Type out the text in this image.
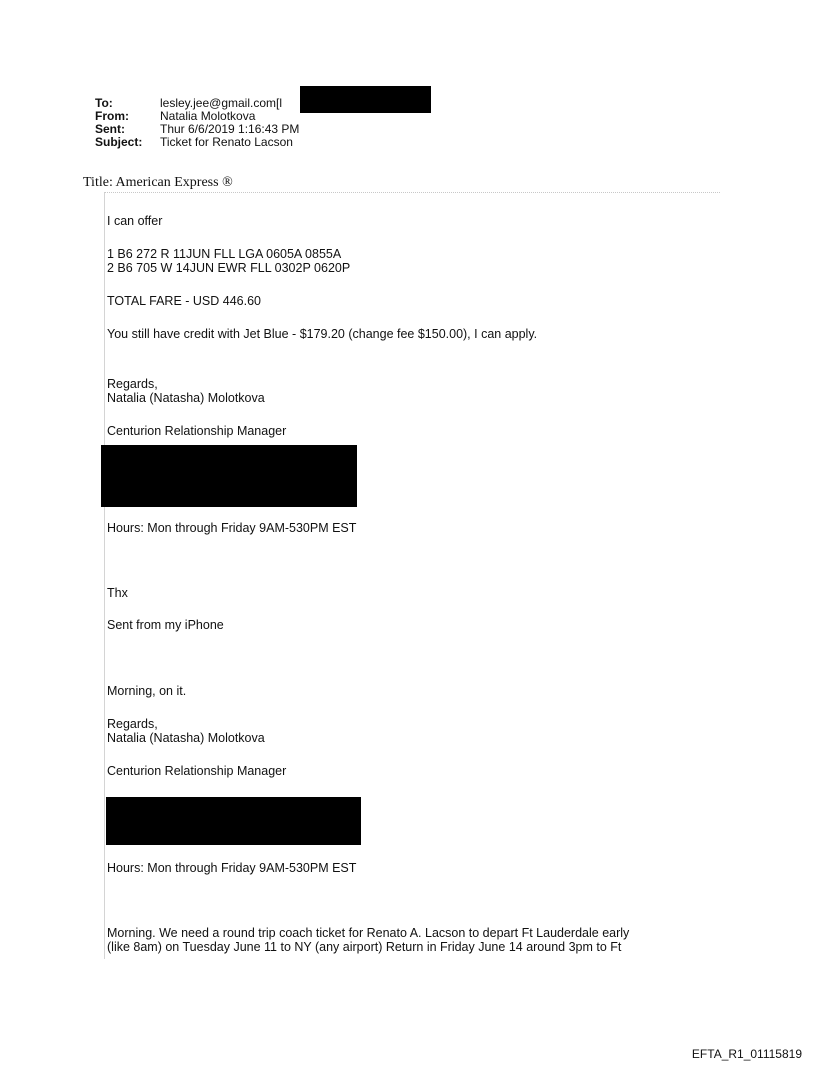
To:	lesley.jee@gmail.com[l
From:	Natalia Molotkova
Sent:	Thur 6/6/2019 1:16:43 PM
Subject:	Ticket for Renato Lacson
Title: American Express ®
I can offer
1 B6 272 R 11JUN FLL LGA 0605A 0855A
2 B6 705 W 14JUN EWR FLL 0302P 0620P
TOTAL FARE - USD 446.60
You still have credit with Jet Blue - $179.20 (change fee $150.00), I can apply.
Regards,
Natalia (Natasha) Molotkova
Centurion Relationship Manager
Hours: Mon through Friday 9AM-530PM EST
Thx
Sent from my iPhone
Morning, on it.
Regards,
Natalia (Natasha) Molotkova
Centurion Relationship Manager
Hours: Mon through Friday 9AM-530PM EST
Morning. We need a round trip coach ticket for Renato A. Lacson to depart Ft Lauderdale early
(like 8am) on Tuesday June 11 to NY (any airport) Return in Friday June 14 around 3pm to Ft
EFTA_R1_01115819
